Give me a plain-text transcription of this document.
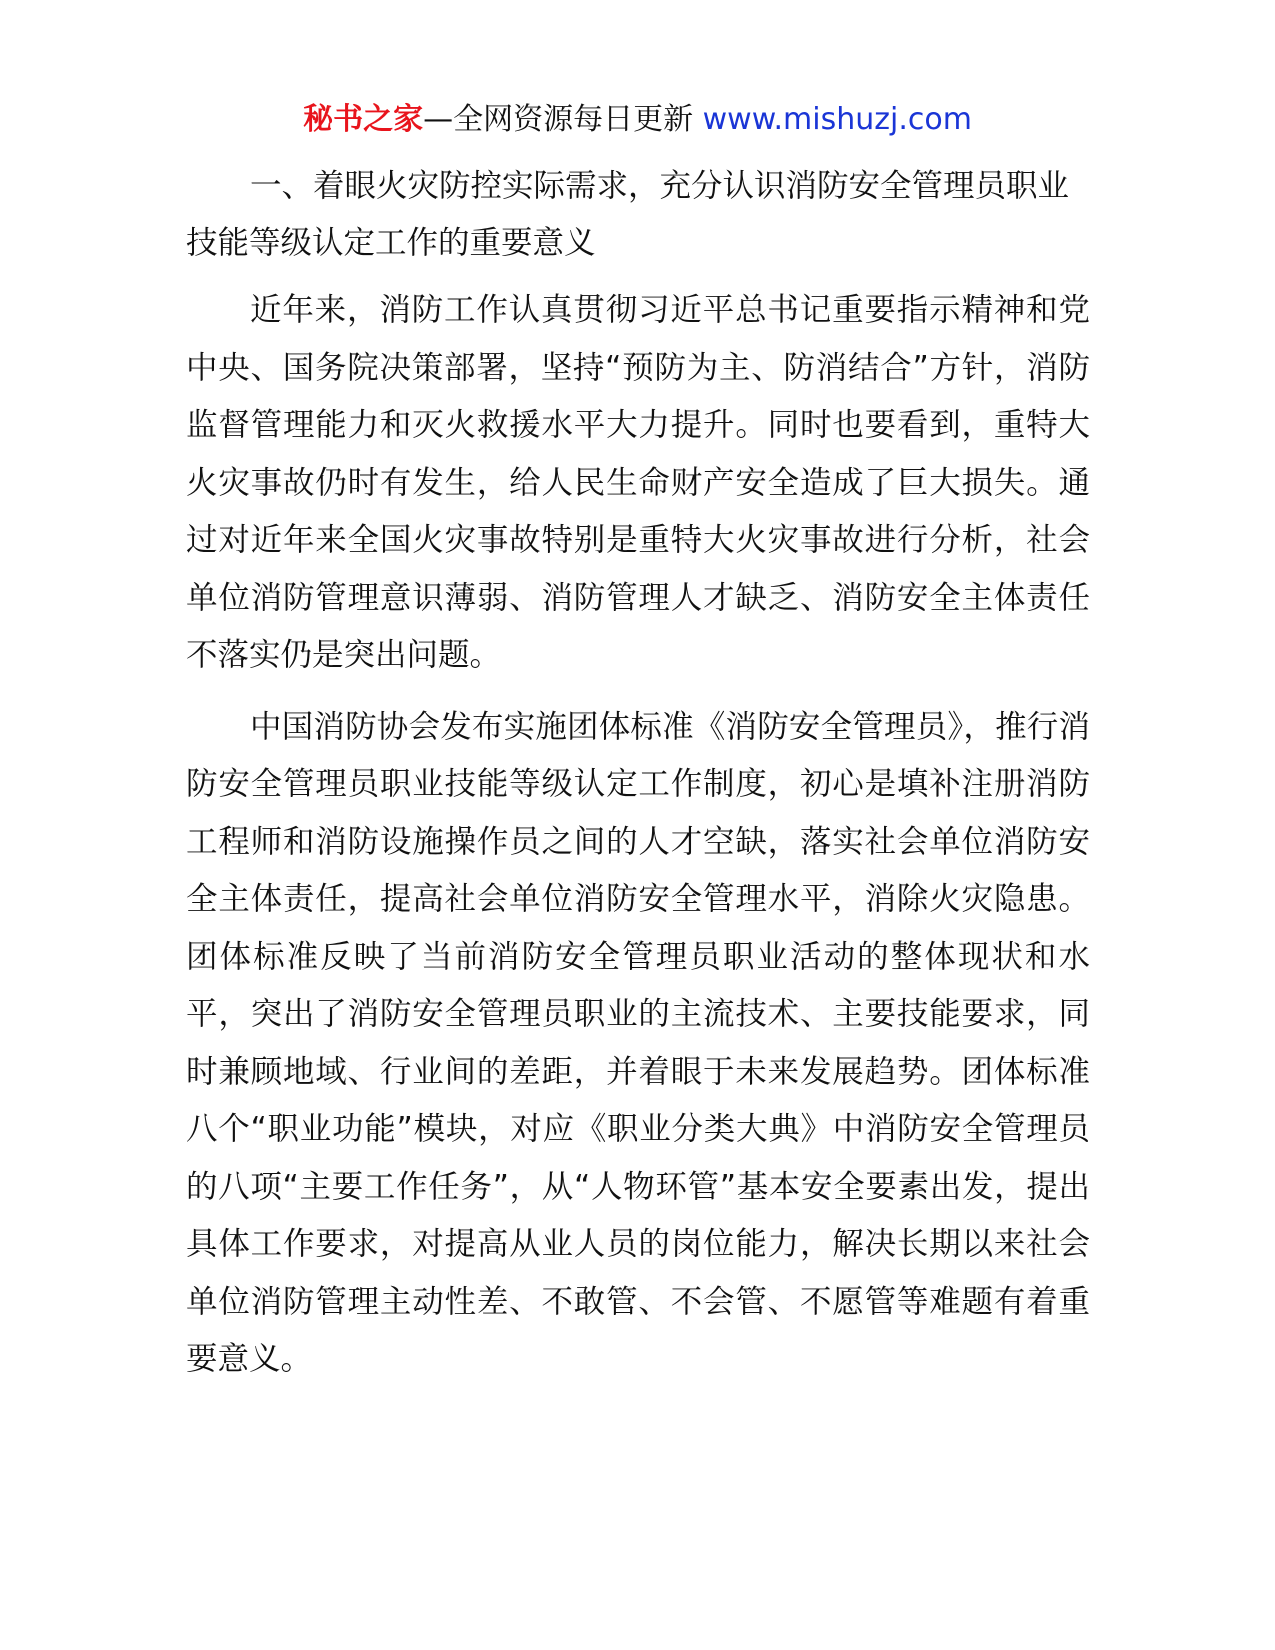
秘书之家—全网资源每日更新 www.mishuzj.com

一、着眼火灾防控实际需求，充分认识消防安全管理员职业技能等级认定工作的重要意义

近年来，消防工作认真贯彻习近平总书记重要指示精神和党中央、国务院决策部署，坚持“预防为主、防消结合”方针，消防监督管理能力和灭火救援水平大力提升。同时也要看到，重特大火灾事故仍时有发生，给人民生命财产安全造成了巨大损失。通过对近年来全国火灾事故特别是重特大火灾事故进行分析，社会单位消防管理意识薄弱、消防管理人才缺乏、消防安全主体责任不落实仍是突出问题。

中国消防协会发布实施团体标准《消防安全管理员》，推行消防安全管理员职业技能等级认定工作制度，初心是填补注册消防工程师和消防设施操作员之间的人才空缺，落实社会单位消防安全主体责任，提高社会单位消防安全管理水平，消除火灾隐患。团体标准反映了当前消防安全管理员职业活动的整体现状和水平，突出了消防安全管理员职业的主流技术、主要技能要求，同时兼顾地域、行业间的差距，并着眼于未来发展趋势。团体标准八个“职业功能”模块，对应《职业分类大典》中消防安全管理员的八项“主要工作任务”，从“人物环管”基本安全要素出发，提出具体工作要求，对提高从业人员的岗位能力，解决长期以来社会单位消防管理主动性差、不敢管、不会管、不愿管等难题有着重要意义。
